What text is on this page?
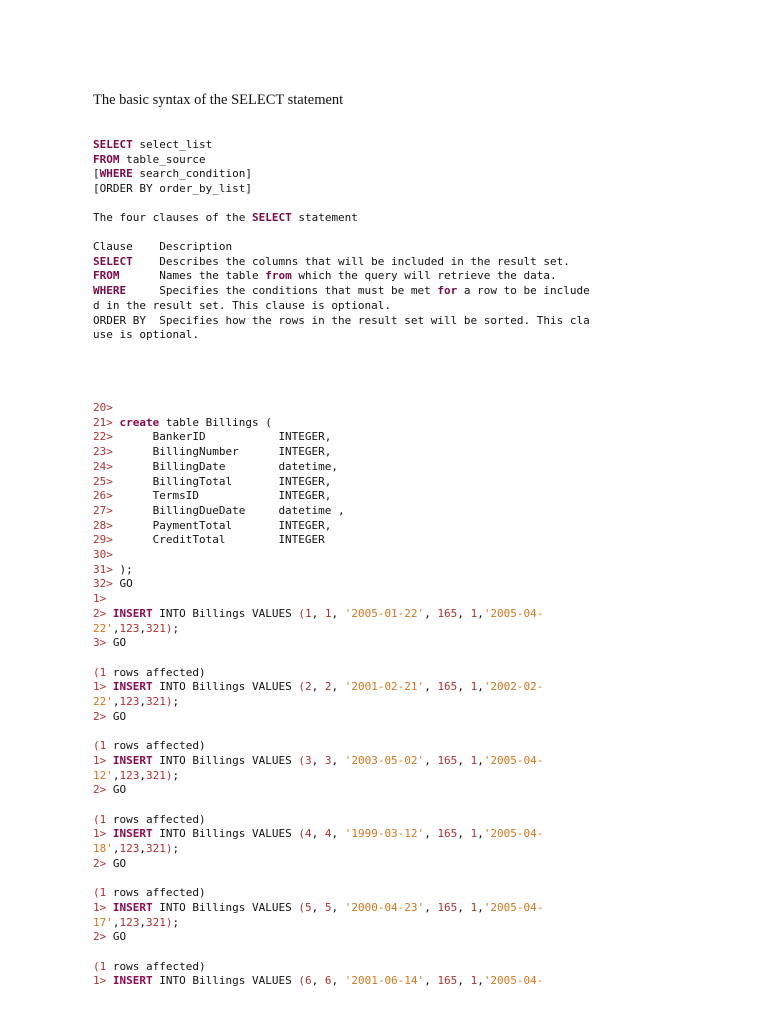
The basic syntax of the SELECT statement
SELECT select_list
FROM table_source
[WHERE search_condition]
[ORDER BY order_by_list]
The four clauses of the SELECT statement
Clause    Description
SELECT    Describes the columns that will be included in the result set.
FROM      Names the table from which the query will retrieve the data.
WHERE     Specifies the conditions that must be met for a row to be include
d in the result set. This clause is optional.
ORDER BY  Specifies how the rows in the result set will be sorted. This cla
use is optional.
20>
21> create table Billings (
22>      BankerID           INTEGER,
23>      BillingNumber      INTEGER,
24>      BillingDate        datetime,
25>      BillingTotal       INTEGER,
26>      TermsID            INTEGER,
27>      BillingDueDate     datetime ,
28>      PaymentTotal       INTEGER,
29>      CreditTotal        INTEGER
30>
31> );
32> GO
1>
2> INSERT INTO Billings VALUES (1, 1, '2005-01-22', 165, 1,'2005-04-
22',123,321);
3> GO

(1 rows affected)
1> INSERT INTO Billings VALUES (2, 2, '2001-02-21', 165, 1,'2002-02-
22',123,321);
2> GO

(1 rows affected)
1> INSERT INTO Billings VALUES (3, 3, '2003-05-02', 165, 1,'2005-04-
12',123,321);
2> GO

(1 rows affected)
1> INSERT INTO Billings VALUES (4, 4, '1999-03-12', 165, 1,'2005-04-
18',123,321);
2> GO

(1 rows affected)
1> INSERT INTO Billings VALUES (5, 5, '2000-04-23', 165, 1,'2005-04-
17',123,321);
2> GO

(1 rows affected)
1> INSERT INTO Billings VALUES (6, 6, '2001-06-14', 165, 1,'2005-04-
